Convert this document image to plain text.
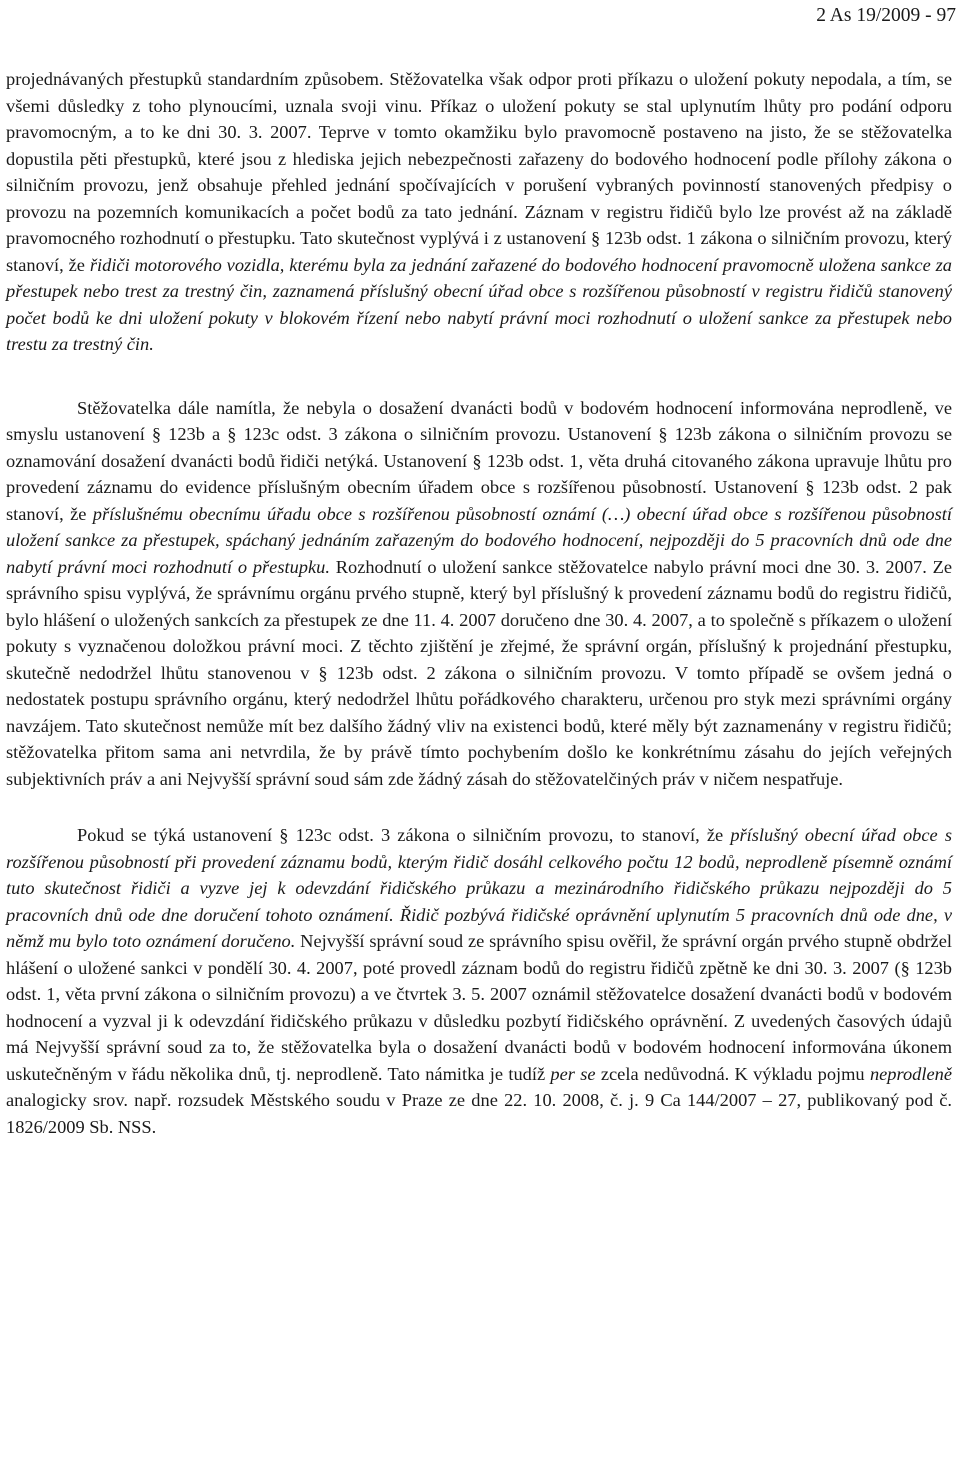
2 As 19/2009 - 97

projednávaných přestupků standardním způsobem. Stěžovatelka však odpor proti příkazu o uložení pokuty nepodala, a tím, se všemi důsledky z toho plynoucími, uznala svoji vinu. Příkaz o uložení pokuty se stal uplynutím lhůty pro podání odporu pravomocným, a to ke dni 30. 3. 2007. Teprve v tomto okamžiku bylo pravomocně postaveno na jisto, že se stěžovatelka dopustila pěti přestupků, které jsou z hlediska jejich nebezpečnosti zařazeny do bodového hodnocení podle přílohy zákona o silničním provozu, jenž obsahuje přehled jednání spočívajících v porušení vybraných povinností stanovených předpisy o provozu na pozemních komunikacích a počet bodů za tato jednání. Záznam v registru řidičů bylo lze provést až na základě pravomocného rozhodnutí o přestupku. Tato skutečnost vyplývá i z ustanovení § 123b odst. 1 zákona o silničním provozu, který stanoví, že řidiči motorového vozidla, kterému byla za jednání zařazené do bodového hodnocení pravomocně uložena sankce za přestupek nebo trest za trestný čin, zaznamená příslušný obecní úřad obce s rozšířenou působností v registru řidičů stanovený počet bodů ke dni uložení pokuty v blokovém řízení nebo nabytí právní moci rozhodnutí o uložení sankce za přestupek nebo trestu za trestný čin.

Stěžovatelka dále namítla, že nebyla o dosažení dvanácti bodů v bodovém hodnocení informována neprodleně, ve smyslu ustanovení § 123b a § 123c odst. 3 zákona o silničním provozu. Ustanovení § 123b zákona o silničním provozu se oznamování dosažení dvanácti bodů řidiči netýká. Ustanovení § 123b odst. 1, věta druhá citovaného zákona upravuje lhůtu pro provedení záznamu do evidence příslušným obecním úřadem obce s rozšířenou působností. Ustanovení § 123b odst. 2 pak stanoví, že příslušnému obecnímu úřadu obce s rozšířenou působností oznámí (…) obecní úřad obce s rozšířenou působností uložení sankce za přestupek, spáchaný jednáním zařazeným do bodového hodnocení, nejpozději do 5 pracovních dnů ode dne nabytí právní moci rozhodnutí o přestupku. Rozhodnutí o uložení sankce stěžovatelce nabylo právní moci dne 30. 3. 2007. Ze správního spisu vyplývá, že správnímu orgánu prvého stupně, který byl příslušný k provedení záznamu bodů do registru řidičů, bylo hlášení o uložených sankcích za přestupek ze dne 11. 4. 2007 doručeno dne 30. 4. 2007, a to společně s příkazem o uložení pokuty s vyznačenou doložkou právní moci. Z těchto zjištění je zřejmé, že správní orgán, příslušný k projednání přestupku, skutečně nedodržel lhůtu stanovenou v § 123b odst. 2 zákona o silničním provozu. V tomto případě se ovšem jedná o nedostatek postupu správního orgánu, který nedodržel lhůtu pořádkového charakteru, určenou pro styk mezi správními orgány navzájem. Tato skutečnost nemůže mít bez dalšího žádný vliv na existenci bodů, které měly být zaznamenány v registru řidičů; stěžovatelka přitom sama ani netvrdila, že by právě tímto pochybením došlo ke konkrétnímu zásahu do jejích veřejných subjektivních práv a ani Nejvyšší správní soud sám zde žádný zásah do stěžovatelčiných práv v ničem nespatřuje.

Pokud se týká ustanovení § 123c odst. 3 zákona o silničním provozu, to stanoví, že příslušný obecní úřad obce s rozšířenou působností při provedení záznamu bodů, kterým řidič dosáhl celkového počtu 12 bodů, neprodleně písemně oznámí tuto skutečnost řidiči a vyzve jej k odevzdání řidičského průkazu a mezinárodního řidičského průkazu nejpozději do 5 pracovních dnů ode dne doručení tohoto oznámení. Řidič pozbývá řidičské oprávnění uplynutím 5 pracovních dnů ode dne, v němž mu bylo toto oznámení doručeno. Nejvyšší správní soud ze správního spisu ověřil, že správní orgán prvého stupně obdržel hlášení o uložené sankci v pondělí 30. 4. 2007, poté provedl záznam bodů do registru řidičů zpětně ke dni 30. 3. 2007 (§ 123b odst. 1, věta první zákona o silničním provozu) a ve čtvrtek 3. 5. 2007 oznámil stěžovatelce dosažení dvanácti bodů v bodovém hodnocení a vyzval ji k odevzdání řidičského průkazu v důsledku pozbytí řidičského oprávnění. Z uvedených časových údajů má Nejvyšší správní soud za to, že stěžovatelka byla o dosažení dvanácti bodů v bodovém hodnocení informována úkonem uskutečněným v řádu několika dnů, tj. neprodleně. Tato námitka je tudíž per se zcela nedůvodná. K výkladu pojmu neprodleně analogicky srov. např. rozsudek Městského soudu v Praze ze dne 22. 10. 2008, č. j. 9 Ca 144/2007 – 27, publikovaný pod č. 1826/2009 Sb. NSS.
